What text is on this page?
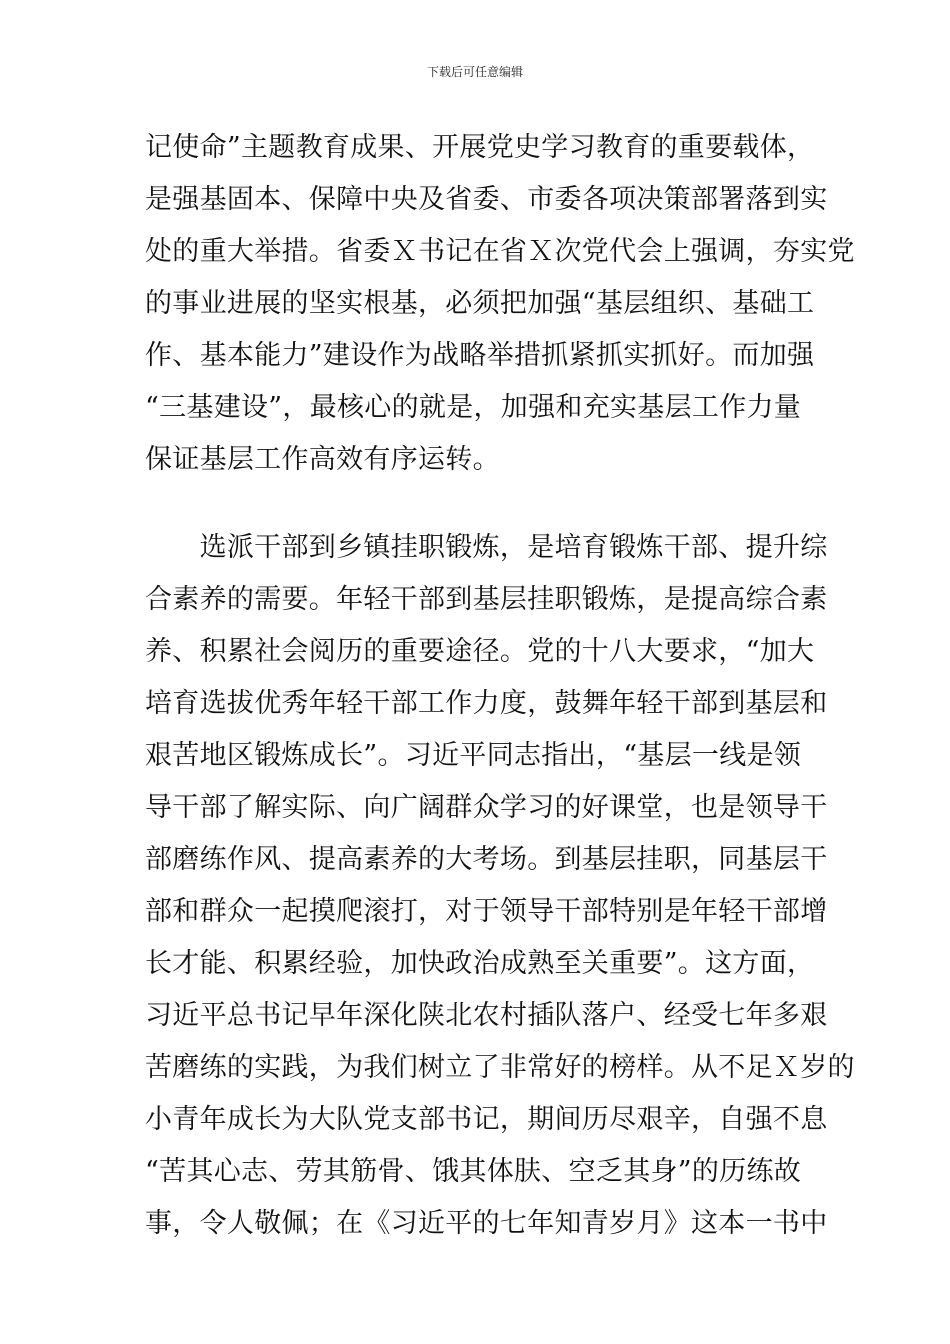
下载后可任意编辑
记使命”主题教育成果、开展党史学习教育的重要载体，
是强基固本、保障中央及省委、市委各项决策部署落到实
处的重大举措。省委Ｘ书记在省Ｘ次党代会上强调，夯实党
的事业进展的坚实根基，必须把加强“基层组织、基础工
作、基本能力”建设作为战略举措抓紧抓实抓好。而加强
“三基建设”，最核心的就是，加强和充实基层工作力量
保证基层工作高效有序运转。
　　选派干部到乡镇挂职锻炼，是培育锻炼干部、提升综
合素养的需要。年轻干部到基层挂职锻炼，是提高综合素
养、积累社会阅历的重要途径。党的十八大要求，“加大
培育选拔优秀年轻干部工作力度，鼓舞年轻干部到基层和
艰苦地区锻炼成长”。习近平同志指出，“基层一线是领
导干部了解实际、向广阔群众学习的好课堂，也是领导干
部磨练作风、提高素养的大考场。到基层挂职，同基层干
部和群众一起摸爬滚打，对于领导干部特别是年轻干部增
长才能、积累经验，加快政治成熟至关重要”。这方面，
习近平总书记早年深化陕北农村插队落户、经受七年多艰
苦磨练的实践，为我们树立了非常好的榜样。从不足Ｘ岁的
小青年成长为大队党支部书记，期间历尽艰辛，自强不息
“苦其心志、劳其筋骨、饿其体肤、空乏其身”的历练故
事，令人敬佩；在《习近平的七年知青岁月》这本一书中
